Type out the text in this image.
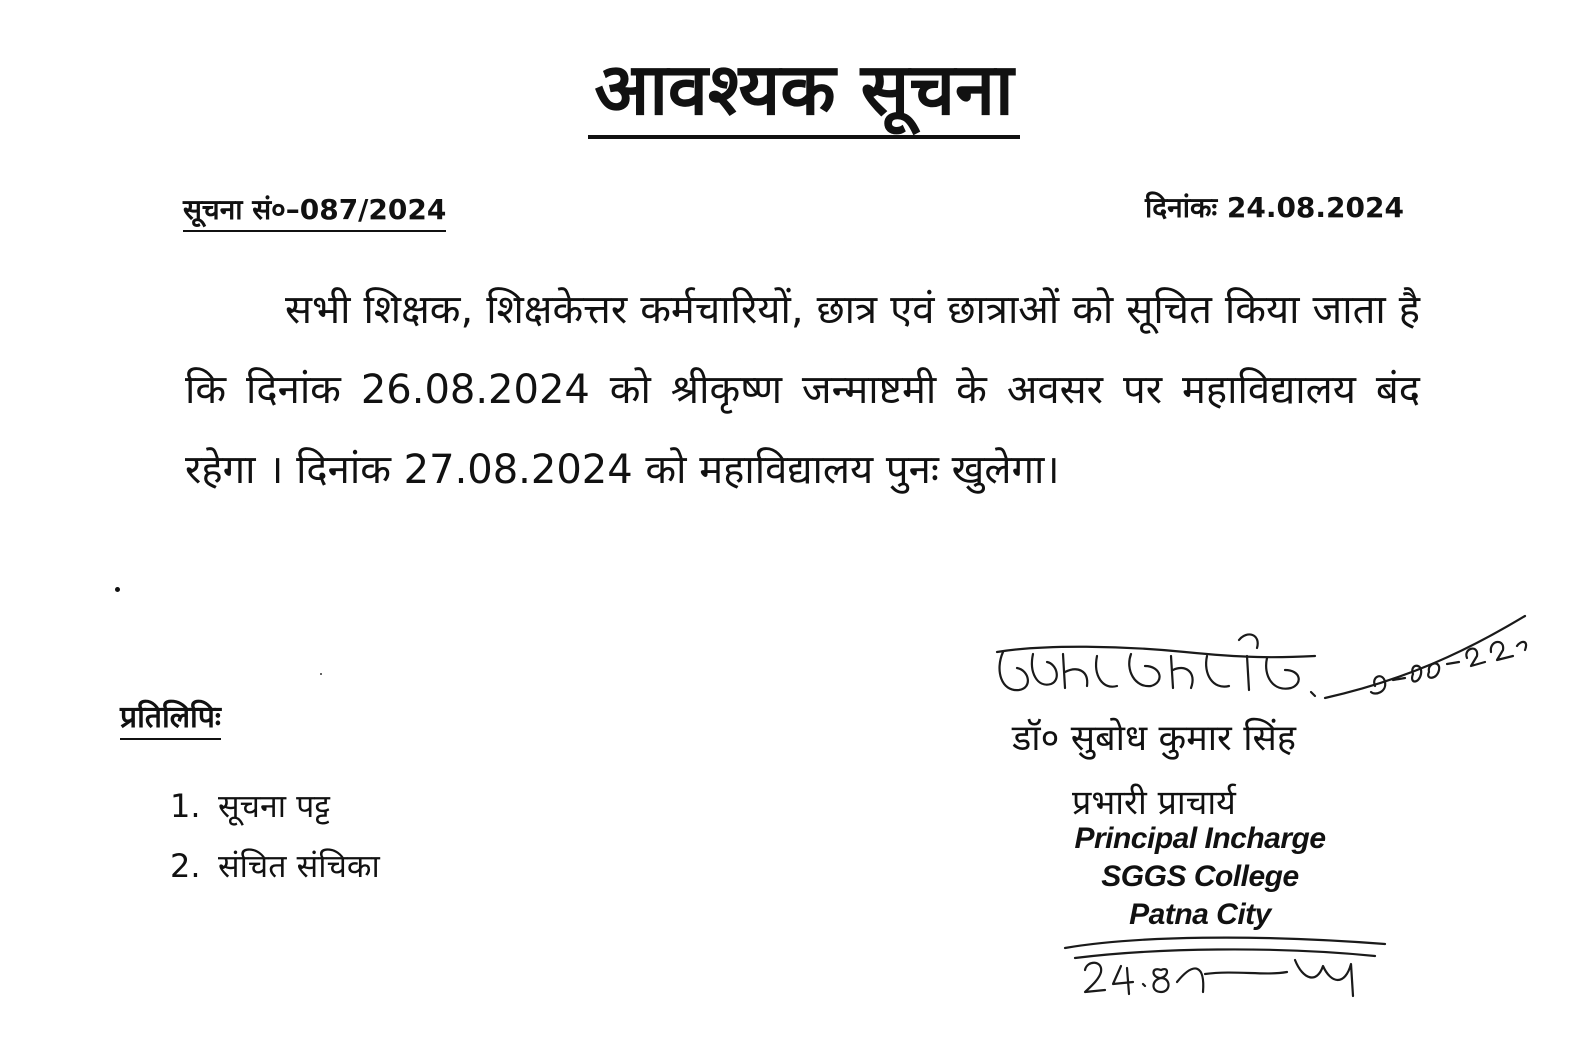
आवश्यक सूचना
सूचना सं०–087/2024	दिनांकः 24.08.2024
सभी शिक्षक, शिक्षकेत्तर कर्मचारियों, छात्र एवं छात्राओं को सूचित किया जाता है कि दिनांक 26.08.2024 को श्रीकृष्ण जन्माष्टमी के अवसर पर महाविद्यालय बंद रहेगा । दिनांक 27.08.2024 को महाविद्यालय पुनः खुलेगा।
प्रतिलिपिः
1. सूचना पट्ट
2. संचित संचिका
डॉ० सुबोध कुमार सिंह
प्रभारी प्राचार्य
Principal Incharge
SGGS College
Patna City
